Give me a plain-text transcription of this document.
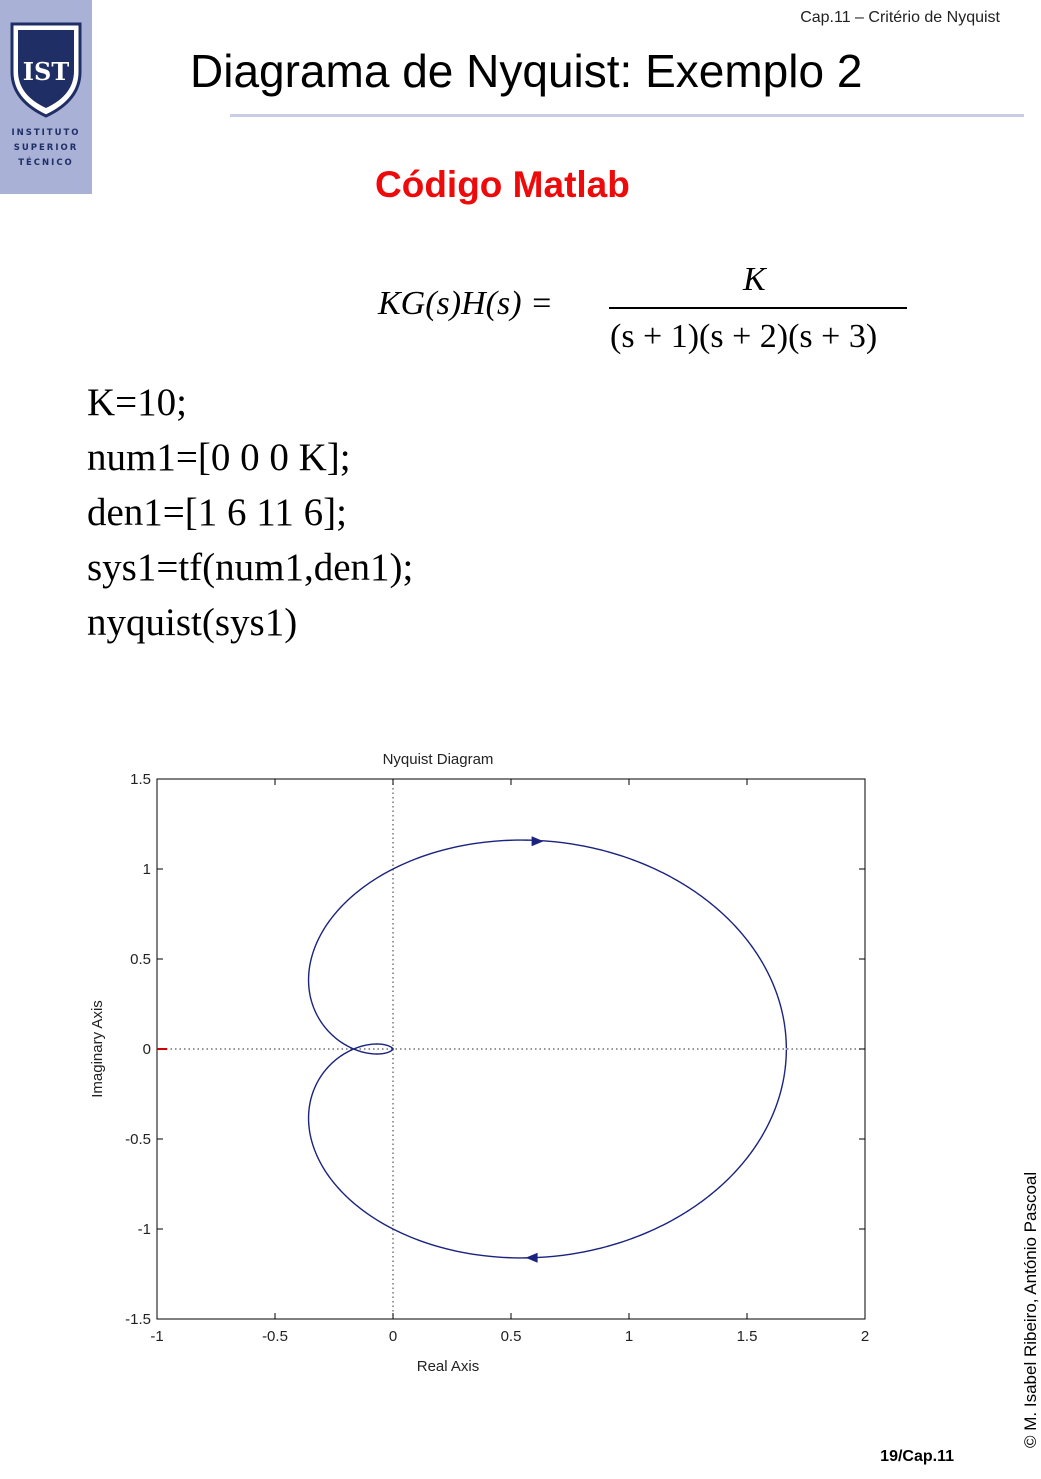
IST
INSTITUTO
SUPERIOR
TÉCNICO
Cap.11 – Critério de Nyquist
Diagrama de Nyquist: Exemplo 2
Código Matlab
KG(s)H(s) =
K
(s + 1)(s + 2)(s + 3)
K=10;
num1=[0 0 0 K];
den1=[1 6 11 6];
sys1=tf(num1,den1);
nyquist(sys1)
-1	-0.5	0	0.5	1	1.5	2
1.5
1
0.5
0
-0.5
-1
-1.5
Nyquist Diagram
Real Axis
Imaginary Axis
© M. Isabel Ribeiro, António Pascoal
19/Cap.11
